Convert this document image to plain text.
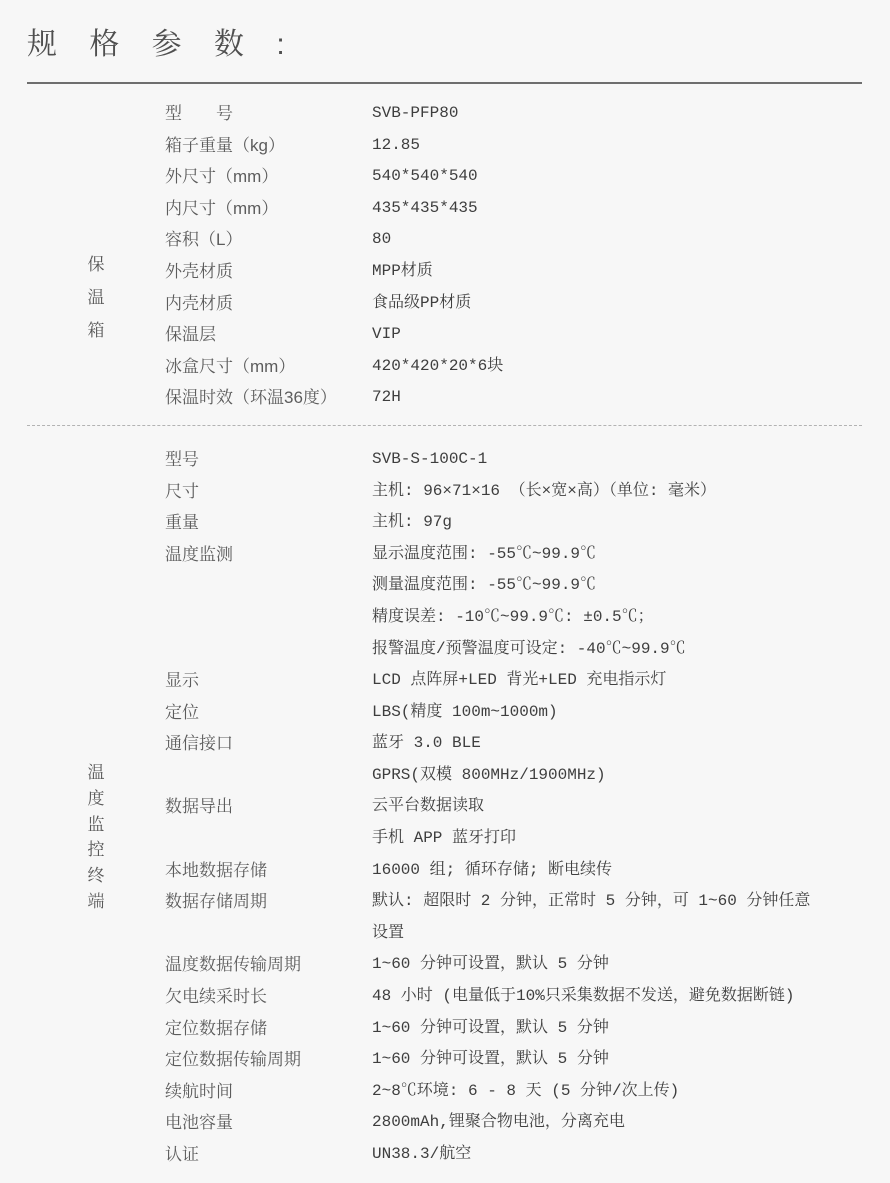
规 格 参 数 :
保
温
箱
型　　号	SVB-PFP80
箱子重量（kg）	12.85
外尺寸（mm）	540*540*540
内尺寸（mm）	435*435*435
容积（L）	80
外壳材质	MPP材质
内壳材质	食品级PP材质
保温层	VIP
冰盒尺寸（mm）	420*420*20*6块
保温时效（环温36度）	72H
温
度
监
控
终
端
型号	SVB-S-100C-1
尺寸	主机: 96×71×16 （长×宽×高）（单位: 毫米）
重量	主机: 97g
温度监测	显示温度范围: -55℃~99.9℃
测量温度范围: -55℃~99.9℃
精度误差: -10℃~99.9℃: ±0.5℃；
报警温度/预警温度可设定: -40℃~99.9℃
显示	LCD 点阵屏+LED 背光+LED 充电指示灯
定位	LBS(精度 100m~1000m)
通信接口	蓝牙 3.0 BLE
GPRS(双模 800MHz/1900MHz)
数据导出	云平台数据读取
手机 APP 蓝牙打印
本地数据存储	16000 组; 循环存储; 断电续传
数据存储周期	默认: 超限时 2 分钟，正常时 5 分钟，可 1~60 分钟任意
设置
温度数据传输周期	1~60 分钟可设置，默认 5 分钟
欠电续采时长	48 小时 (电量低于10%只采集数据不发送，避免数据断链)
定位数据存储	1~60 分钟可设置，默认 5 分钟
定位数据传输周期	1~60 分钟可设置，默认 5 分钟
续航时间	2~8℃环境: 6 - 8 天 (5 分钟/次上传)
电池容量	2800mAh,锂聚合物电池，分离充电
认证	UN38.3/航空
